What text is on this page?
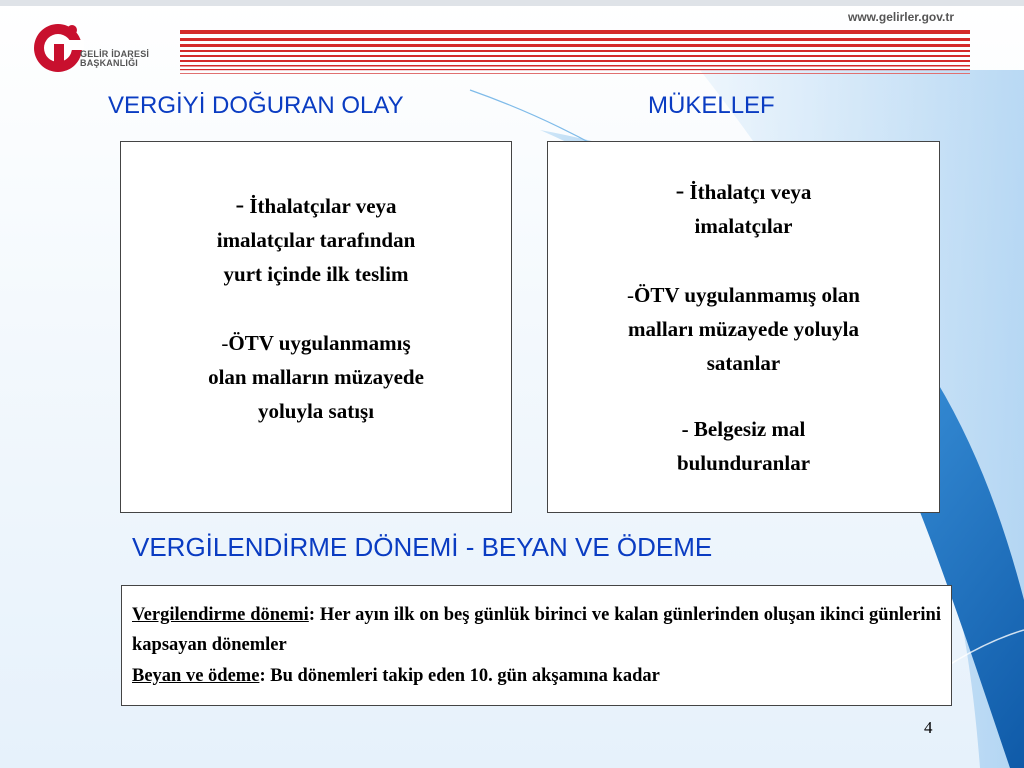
GELİR İDARESİ
BAŞKANLIĞI
www.gelirler.gov.tr
VERGİYİ DOĞURAN OLAY	MÜKELLEF
- İthalatçılar veya
imalatçılar tarafından
yurt içinde ilk teslim
-ÖTV uygulanmamış
olan malların müzayede
yoluyla satışı
- İthalatçı veya
imalatçılar
-ÖTV uygulanmamış olan
malları müzayede yoluyla
satanlar
- Belgesiz mal
bulunduranlar
VERGİLENDİRME DÖNEMİ - BEYAN VE ÖDEME
Vergilendirme dönemi: Her ayın ilk on beş günlük birinci ve kalan günlerinden oluşan ikinci günlerini kapsayan dönemler
Beyan ve ödeme: Bu dönemleri takip eden 10. gün akşamına kadar
4
